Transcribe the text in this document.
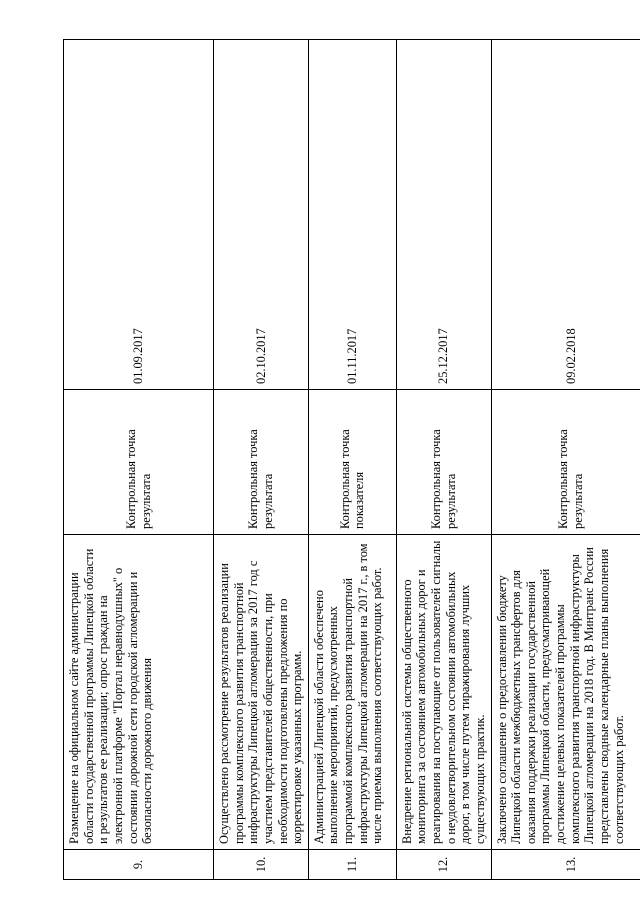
9.	Размещение на официальном сайте администрации области государственной программы Липецкой области и результатов ее реализации; опрос граждан на электронной платформе "Портал неравнодушных" о состоянии дорожной сети городской агломерации и безопасности дорожного движения	Контрольная точка результата	01.09.2017
10.	Осуществлено рассмотрение результатов реализации программы комплексного развития транспортной инфраструктуры Липецкой агломерации за 2017 год с участием представителей общественности, при необходимости подготовлены предложения по корректировке указанных программ.	Контрольная точка результата	02.10.2017
11.	Администрацией Липецкой области обеспечено выполнение мероприятий, предусмотренных программой комплексного развития транспортной инфраструктуры Липецкой агломерации на 2017 г., в том числе приемка выполнения соответствующих работ.	Контрольная точка показателя	01.11.2017
12.	Внедрение региональной системы общественного мониторинга за состоянием автомобильных дорог и реагирования на поступающие от пользователей сигналы о неудовлетворительном состоянии автомобильных дорог, в том числе путем тиражирования лучших существующих практик.	Контрольная точка результата	25.12.2017
13.	Заключено соглашение о предоставлении бюджету Липецкой области межбюджетных трансфертов для оказания поддержки реализации государственной программы Липецкой области, предусматривающей достижение целевых показателей программы комплексного развития транспортной инфраструктуры Липецкой агломерации на 2018 год. В Минтранс России представлены сводные календарные планы выполнения соответствующих работ.	Контрольная точка результата	09.02.2018
